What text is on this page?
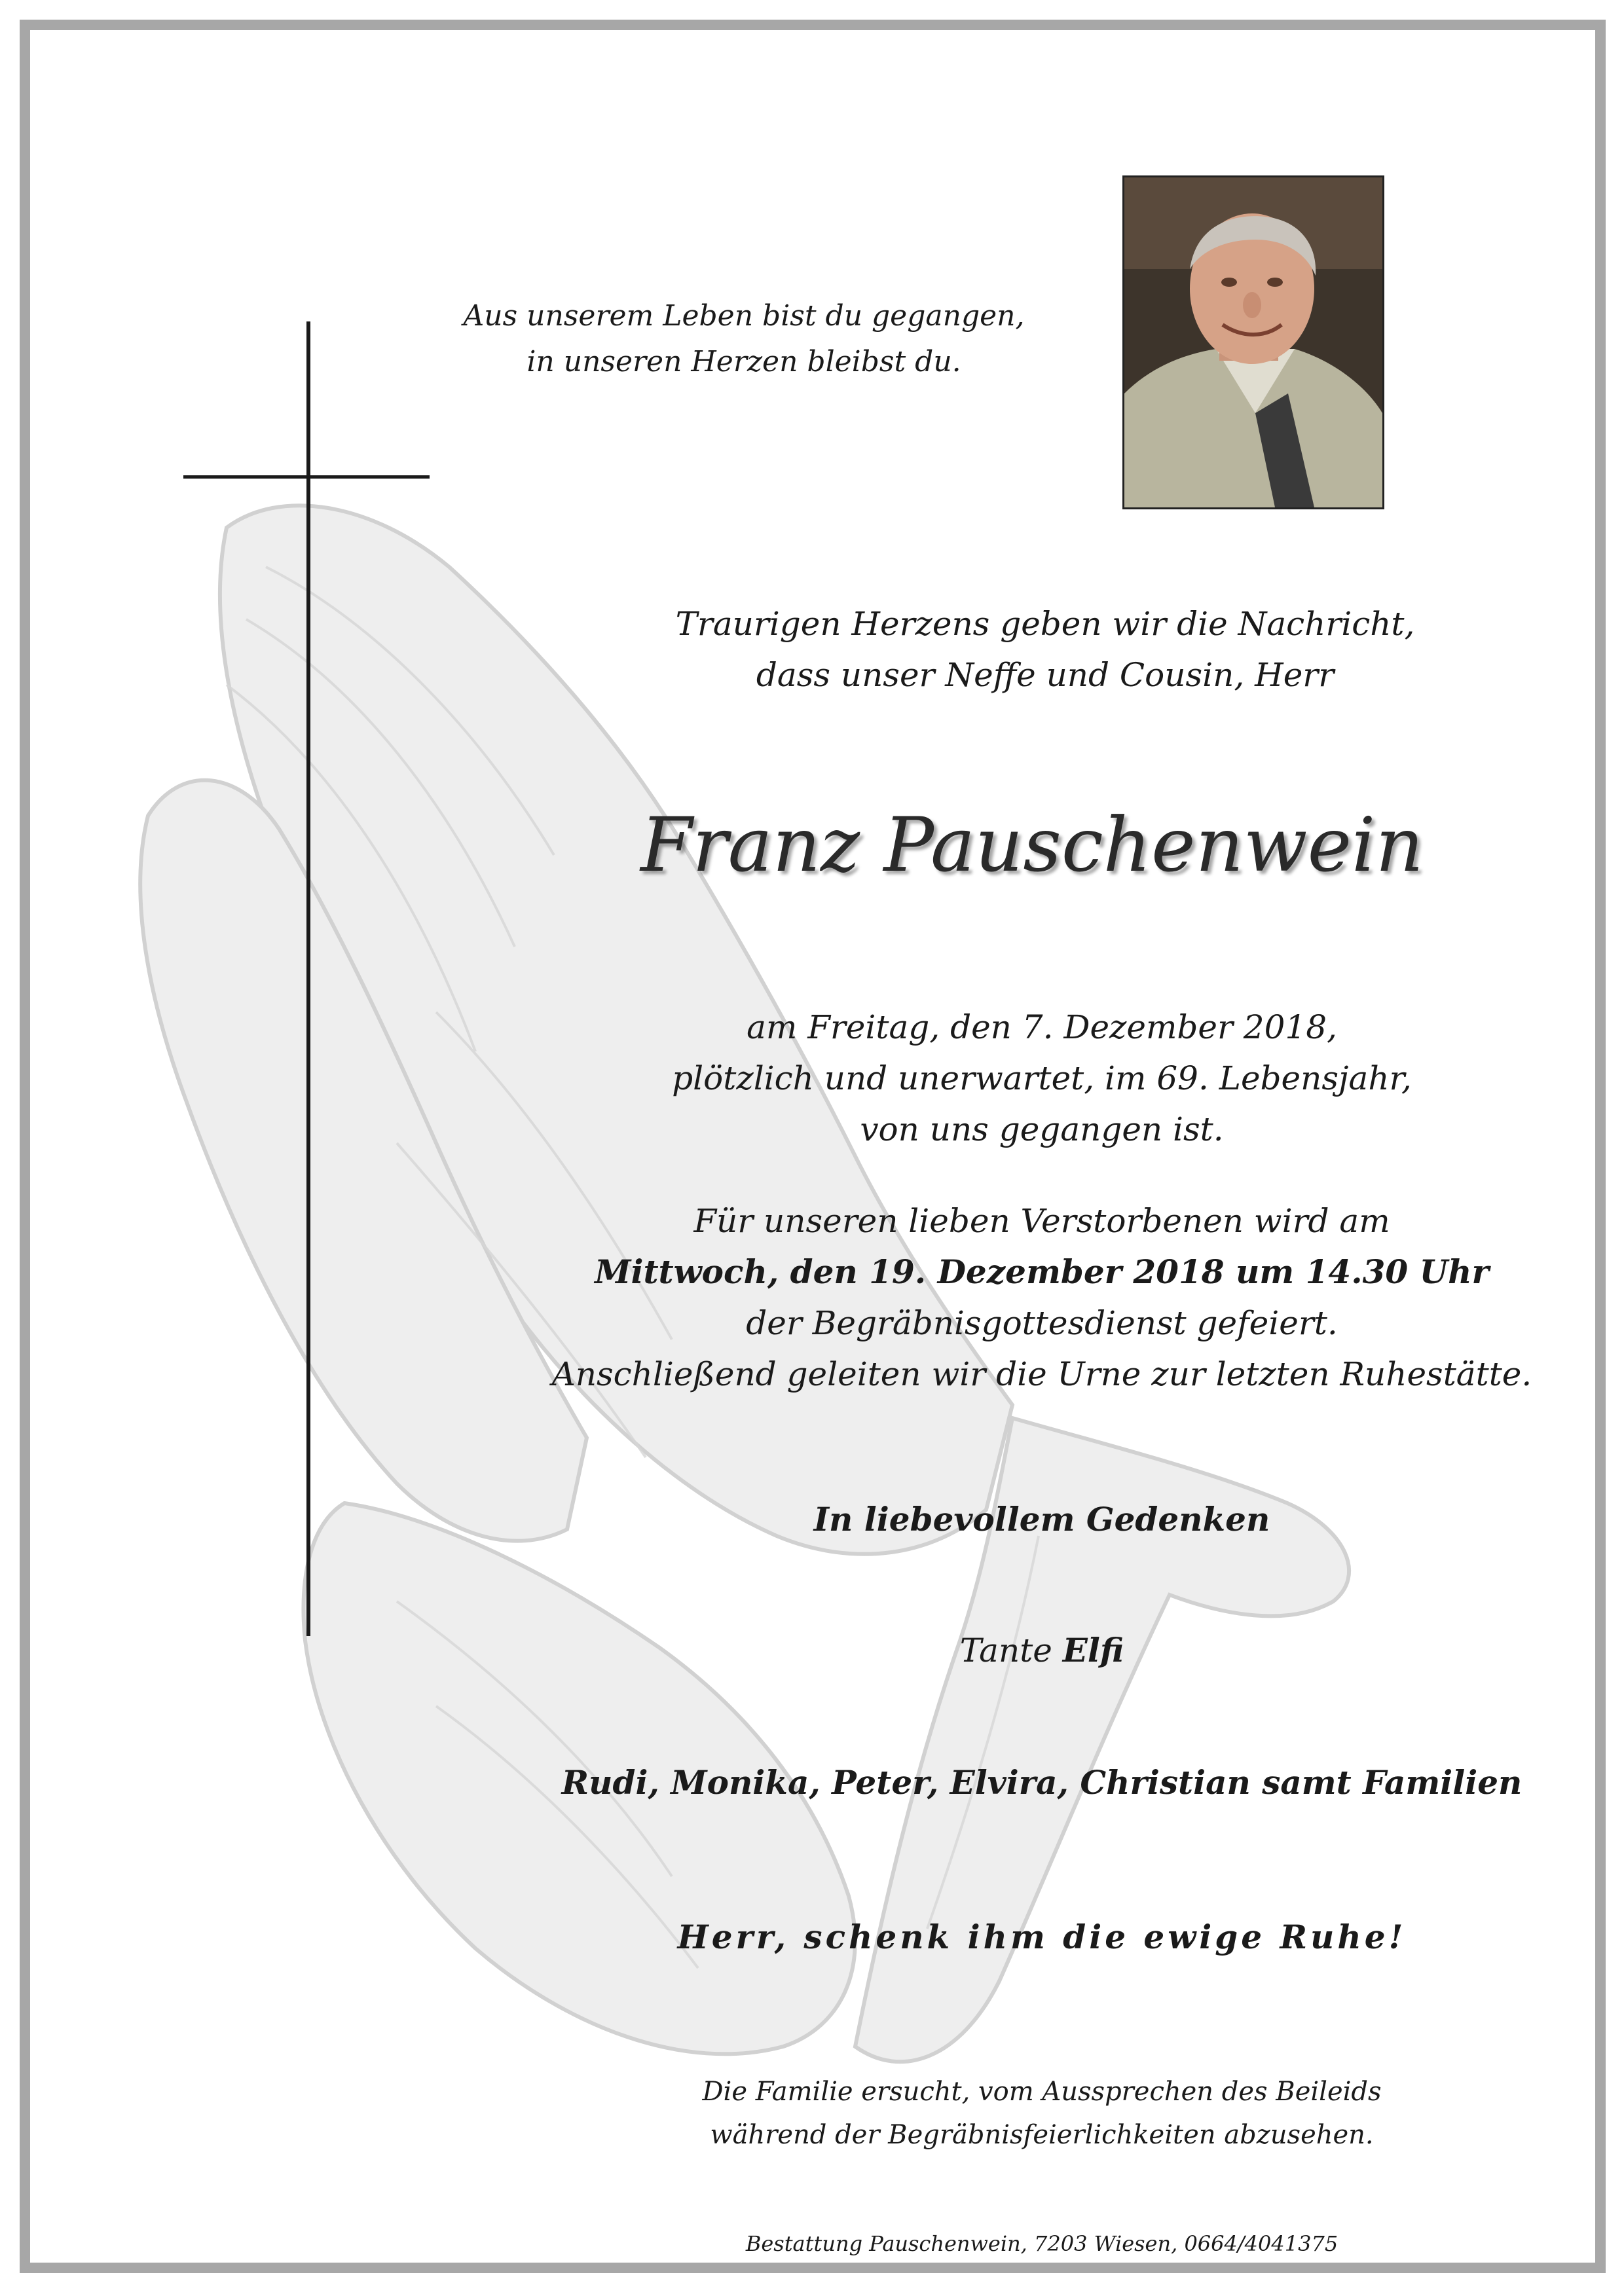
Aus unserem Leben bist du gegangen,
in unseren Herzen bleibst du.
Traurigen Herzens geben wir die Nachricht,
dass unser Neffe und Cousin, Herr
Franz Pauschenwein
am Freitag, den 7. Dezember 2018,
plötzlich und unerwartet, im 69. Lebensjahr,
von uns gegangen ist.
Für unseren lieben Verstorbenen wird am
Mittwoch, den 19. Dezember 2018 um 14.30 Uhr
der Begräbnisgottesdienst gefeiert.
Anschließend geleiten wir die Urne zur letzten Ruhestätte.
In liebevollem Gedenken
Tante Elfi
Rudi, Monika, Peter, Elvira, Christian samt Familien
Herr, schenk ihm die ewige Ruhe!
Die Familie ersucht, vom Aussprechen des Beileids
während der Begräbnisfeierlichkeiten abzusehen.
Bestattung Pauschenwein, 7203 Wiesen, 0664/4041375
